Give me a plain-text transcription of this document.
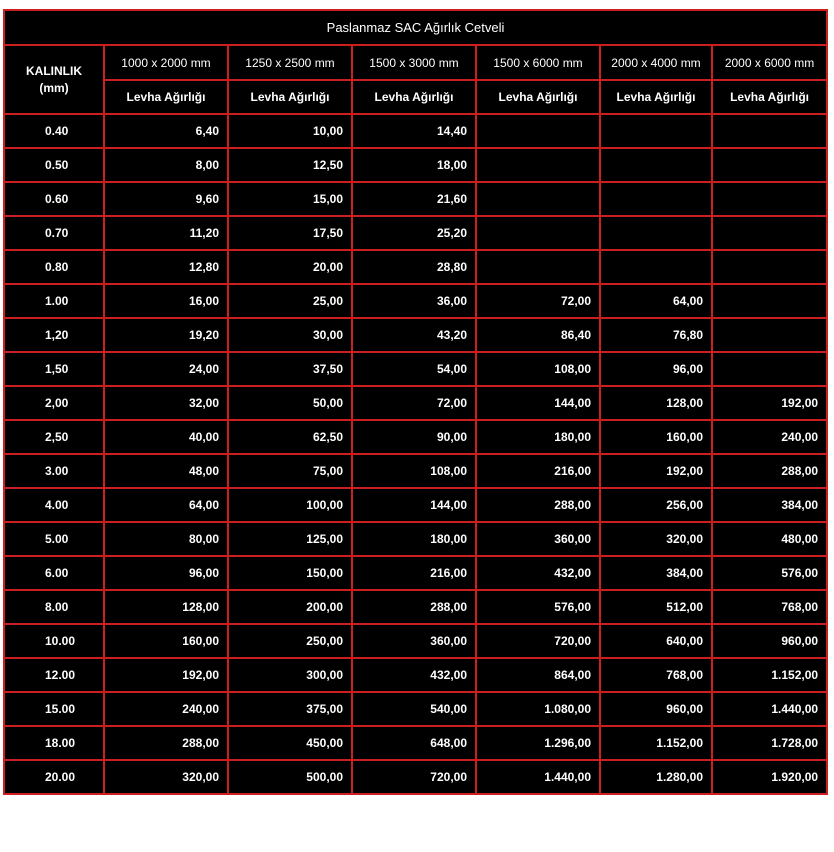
Paslanmaz SAC Ağırlık Cetveli						
KALINLIK
(mm)	1000 x 2000 mm	1250 x 2500 mm	1500 x 3000 mm	1500 x 6000 mm	2000 x 4000 mm	2000 x 6000 mm
	Levha Ağırlığı	Levha Ağırlığı	Levha Ağırlığı	Levha Ağırlığı	Levha Ağırlığı	Levha Ağırlığı
0.40	6,40	10,00	14,40			
0.50	8,00	12,50	18,00			
0.60	9,60	15,00	21,60			
0.70	11,20	17,50	25,20			
0.80	12,80	20,00	28,80			
1.00	16,00	25,00	36,00	72,00	64,00	
1,20	19,20	30,00	43,20	86,40	76,80	
1,50	24,00	37,50	54,00	108,00	96,00	
2,00	32,00	50,00	72,00	144,00	128,00	192,00
2,50	40,00	62,50	90,00	180,00	160,00	240,00
3.00	48,00	75,00	108,00	216,00	192,00	288,00
4.00	64,00	100,00	144,00	288,00	256,00	384,00
5.00	80,00	125,00	180,00	360,00	320,00	480,00
6.00	96,00	150,00	216,00	432,00	384,00	576,00
8.00	128,00	200,00	288,00	576,00	512,00	768,00
10.00	160,00	250,00	360,00	720,00	640,00	960,00
12.00	192,00	300,00	432,00	864,00	768,00	1.152,00
15.00	240,00	375,00	540,00	1.080,00	960,00	1.440,00
18.00	288,00	450,00	648,00	1.296,00	1.152,00	1.728,00
20.00	320,00	500,00	720,00	1.440,00	1.280,00	1.920,00
